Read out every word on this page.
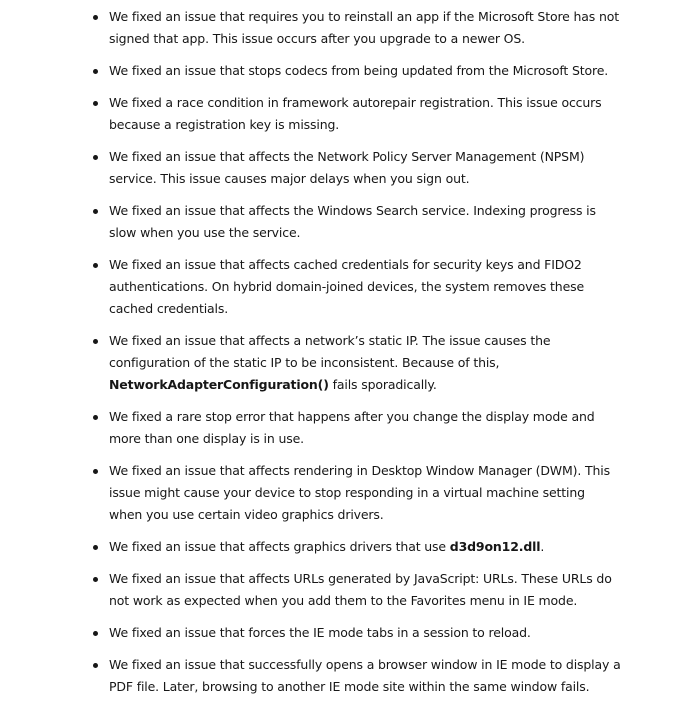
We fixed an issue that requires you to reinstall an app if the Microsoft Store has not signed that app. This issue occurs after you upgrade to a newer OS.
We fixed an issue that stops codecs from being updated from the Microsoft Store.
We fixed a race condition in framework autorepair registration. This issue occurs because a registration key is missing.
We fixed an issue that affects the Network Policy Server Management (NPSM) service. This issue causes major delays when you sign out.
We fixed an issue that affects the Windows Search service. Indexing progress is slow when you use the service.
We fixed an issue that affects cached credentials for security keys and FIDO2 authentications. On hybrid domain-joined devices, the system removes these cached credentials.
We fixed an issue that affects a network’s static IP. The issue causes the configuration of the static IP to be inconsistent. Because of this, NetworkAdapterConfiguration() fails sporadically.
We fixed a rare stop error that happens after you change the display mode and more than one display is in use.
We fixed an issue that affects rendering in Desktop Window Manager (DWM). This issue might cause your device to stop responding in a virtual machine setting when you use certain video graphics drivers.
We fixed an issue that affects graphics drivers that use d3d9on12.dll.
We fixed an issue that affects URLs generated by JavaScript: URLs. These URLs do not work as expected when you add them to the Favorites menu in IE mode.
We fixed an issue that forces the IE mode tabs in a session to reload.
We fixed an issue that successfully opens a browser window in IE mode to display a PDF file. Later, browsing to another IE mode site within the same window fails.
